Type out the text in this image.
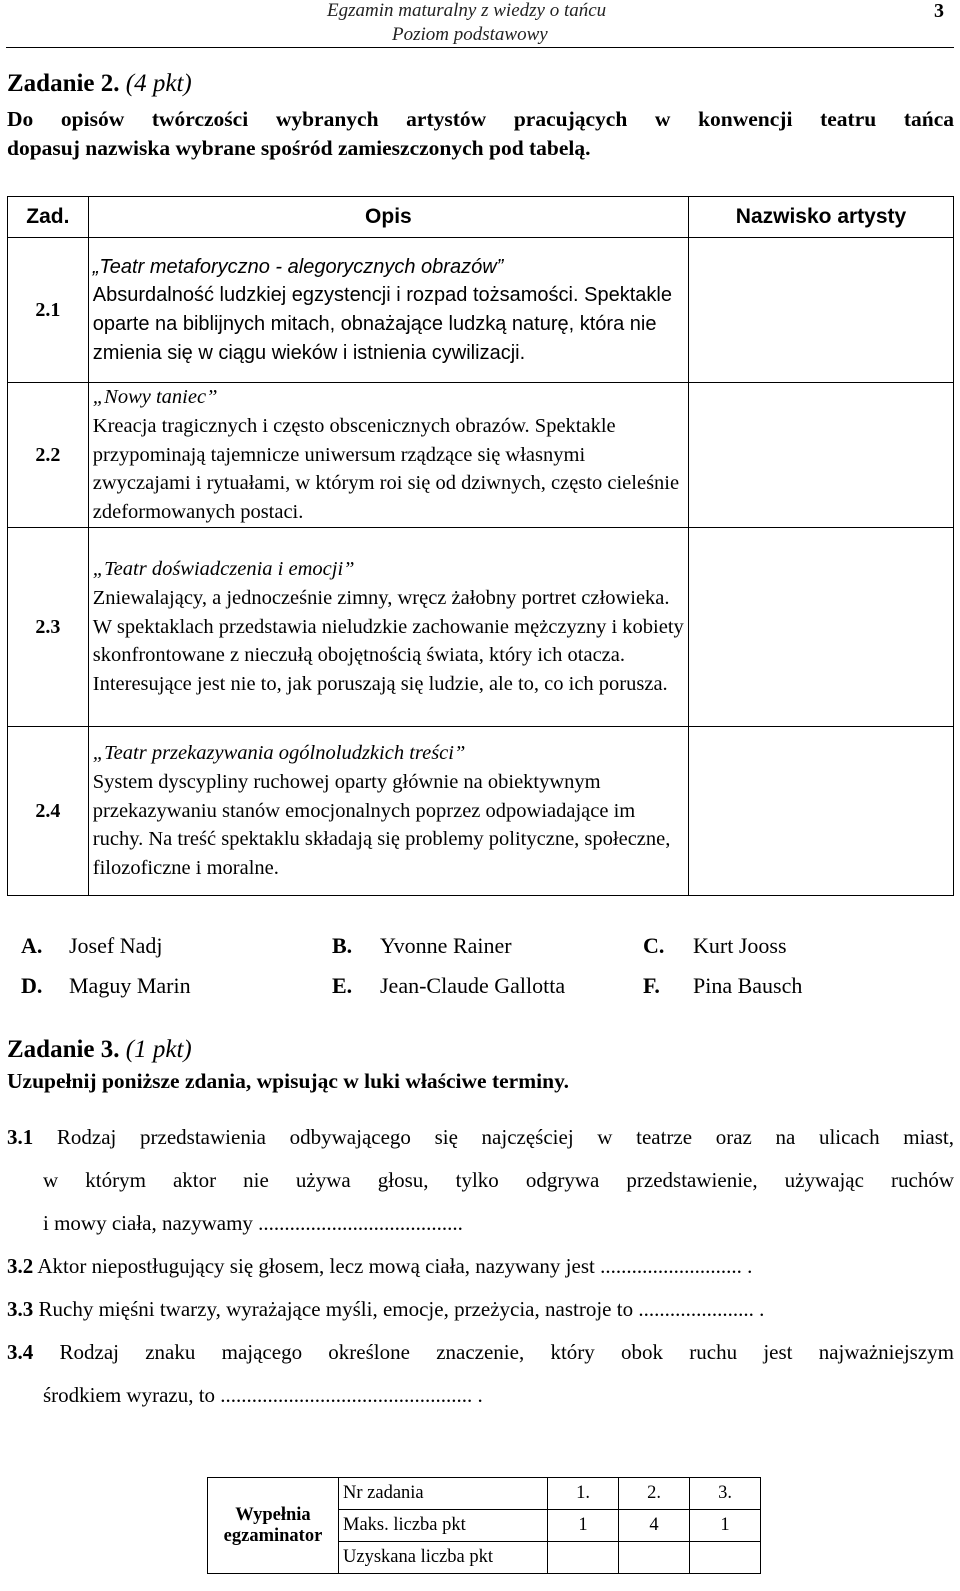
Egzamin maturalny z wiedzy o tańcu
Poziom podstawowy
3
Zadanie 2. (4 pkt)
Do opisów twórczości wybranych artystów pracujących w konwencji teatru tańca
dopasuj nazwiska wybrane spośród zamieszczonych pod tabelą.
Zad.	Opis	Nazwisko artysty
2.1	„Teatr metaforyczno - alegorycznych obrazów”
Absurdalność ludzkiej egzystencji i rozpad tożsamości. Spektakle oparte na biblijnych mitach, obnażające ludzką naturę, która nie zmienia się w ciągu wieków i istnienia cywilizacji.	

2.2	„Nowy taniec”
Kreacja tragicznych i często obscenicznych obrazów. Spektakle przypominają tajemnicze uniwersum rządzące się własnymi zwyczajami i rytuałami, w którym roi się od dziwnych, często cieleśnie zdeformowanych postaci.	

2.3	„Teatr doświadczenia i emocji”
Zniewalający, a jednocześnie zimny, wręcz żałobny portret człowieka. W spektaklach przedstawia nieludzkie zachowanie mężczyzny i kobiety skonfrontowane z nieczułą obojętnością świata, który ich otacza. Interesujące jest nie to, jak poruszają się ludzie, ale to, co ich porusza.	

2.4	„Teatr przekazywania ogólnoludzkich treści”
System dyscypliny ruchowej oparty głównie na obiektywnym przekazywaniu stanów emocjonalnych poprzez odpowiadające im ruchy. Na treść spektaklu składają się problemy polityczne, społeczne, filozoficzne i moralne.	

A. Josef Nadj	B. Yvonne Rainer	C. Kurt Jooss
D. Maguy Marin	E. Jean-Claude Gallotta	F. Pina Bausch
Zadanie 3. (1 pkt)
Uzupełnij poniższe zdania, wpisując w luki właściwe terminy.
3.1 Rodzaj przedstawienia odbywającego się najczęściej w teatrze oraz na ulicach miast,
w którym aktor nie używa głosu, tylko odgrywa przedstawienie, używając ruchów
i mowy ciała, nazywamy .......................................
3.2 Aktor niepostługujący się głosem, lecz mową ciała, nazywany jest ........................... .
3.3 Ruchy mięśni twarzy, wyrażające myśli, emocje, przeżycia, nastroje to ...................... .
3.4 Rodzaj znaku mającego określone znaczenie, który obok ruchu jest najważniejszym
środkiem wyrazu, to ................................................ .
Wypełnia
egzaminator	Nr zadania	1.	2.	3.
	Maks. liczba pkt	1	4	1
	Uzyskana liczba pkt			
